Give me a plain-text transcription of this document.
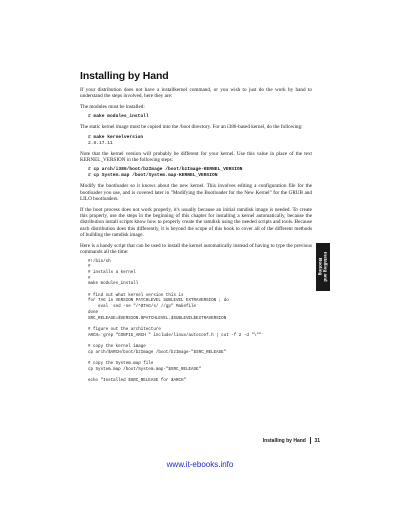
Installing by Hand

If your distribution does not have a installkernel command, or you wish to just do the work by hand to understand the steps involved, here they are:

The modules must be installed:

# make modules_install

The static kernel image must be copied into the /boot directory. For an i386-based kernel, do the following:

# make kernelversion
2.6.17.11

Note that the kernel version will probably be different for your kernel. Use this value in place of the text KERNEL_VERSION in the following steps:

# cp arch/i386/boot/bzImage /boot/bzImage-KERNEL_VERSION
# cp System.map /boot/System.map-KERNEL_VERSION

Modify the bootloader so it knows about the new kernel. This involves editing a configuration file for the bootloader you use, and is covered later in "Modifying the Bootloader for the New Kernel" for the GRUB and LILO bootloaders.

If the boot process does not work properly, it's usually because an initial ramdisk image is needed. To create this properly, use the steps in the beginning of this chapter for installing a kernel automatically, because the distribution install scripts know how to properly create the ramdisk using the needed scripts and tools. Because each distribution does this differently, it is beyond the scope of this book to cover all of the different methods of building the ramdisk image.

Here is a handy script that can be used to install the kernel automatically instead of having to type the previous commands all the time:

#!/bin/sh
#
# installs a kernel
#
make modules_install

# find out what kernel version this is
for TAG in VERSION PATCHLEVEL SUBLEVEL EXTRAVERSION ; do
eval `sed -ne "/^$TAG/s/ //gp" Makefile`
done
SRC_RELEASE=$VERSION.$PATCHLEVEL.$SUBLEVEL$EXTRAVERSION

# figure out the architecture
ARCH=`grep "CONFIG_ARCH " include/linux/autoconf.h | cut -f 2 -d "\""`

# copy the kernel image
cp arch/$ARCH/boot/bzImage /boot/bzImage-"$SRC_RELEASE"

# copy the System.map file
cp System.map /boot/System.map-"$SRC_RELEASE"

echo "Installed $SRC_RELEASE for $ARCH"
Installing and Booting
Installing by Hand 31
www.it-ebooks.info
